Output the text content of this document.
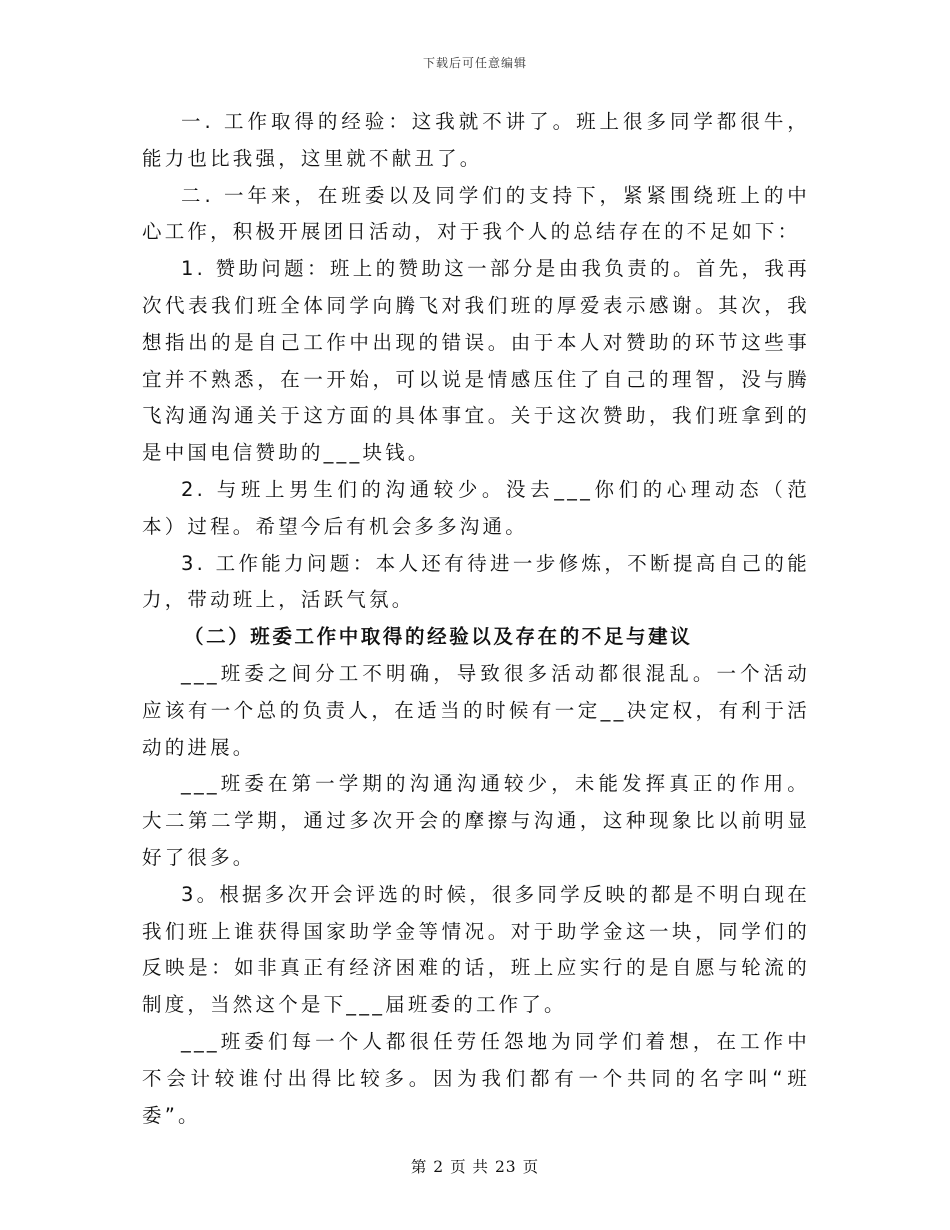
下载后可任意编辑

一. 工作取得的经验：这我就不讲了。班上很多同学都很牛，能力也比我强，这里就不献丑了。

二. 一年来，在班委以及同学们的支持下，紧紧围绕班上的中心工作，积极开展团日活动，对于我个人的总结存在的不足如下：

1. 赞助问题：班上的赞助这一部分是由我负责的。首先，我再次代表我们班全体同学向腾飞对我们班的厚爱表示感谢。其次，我想指出的是自己工作中出现的错误。由于本人对赞助的环节这些事宜并不熟悉，在一开始，可以说是情感压住了自己的理智，没与腾飞沟通沟通关于这方面的具体事宜。关于这次赞助，我们班拿到的是中国电信赞助的___块钱。

2. 与班上男生们的沟通较少。没去___你们的心理动态（范本）过程。希望今后有机会多多沟通。

3. 工作能力问题：本人还有待进一步修炼，不断提高自己的能力，带动班上，活跃气氛。

（二）班委工作中取得的经验以及存在的不足与建议

___班委之间分工不明确，导致很多活动都很混乱。一个活动应该有一个总的负责人，在适当的时候有一定__决定权，有利于活动的进展。

___班委在第一学期的沟通沟通较少，未能发挥真正的作用。大二第二学期，通过多次开会的摩擦与沟通，这种现象比以前明显好了很多。

3。根据多次开会评选的时候，很多同学反映的都是不明白现在我们班上谁获得国家助学金等情况。对于助学金这一块，同学们的反映是：如非真正有经济困难的话，班上应实行的是自愿与轮流的制度，当然这个是下___届班委的工作了。

___班委们每一个人都很任劳任怨地为同学们着想，在工作中不会计较谁付出得比较多。因为我们都有一个共同的名字叫“班委”。

第 2 页 共 23 页
